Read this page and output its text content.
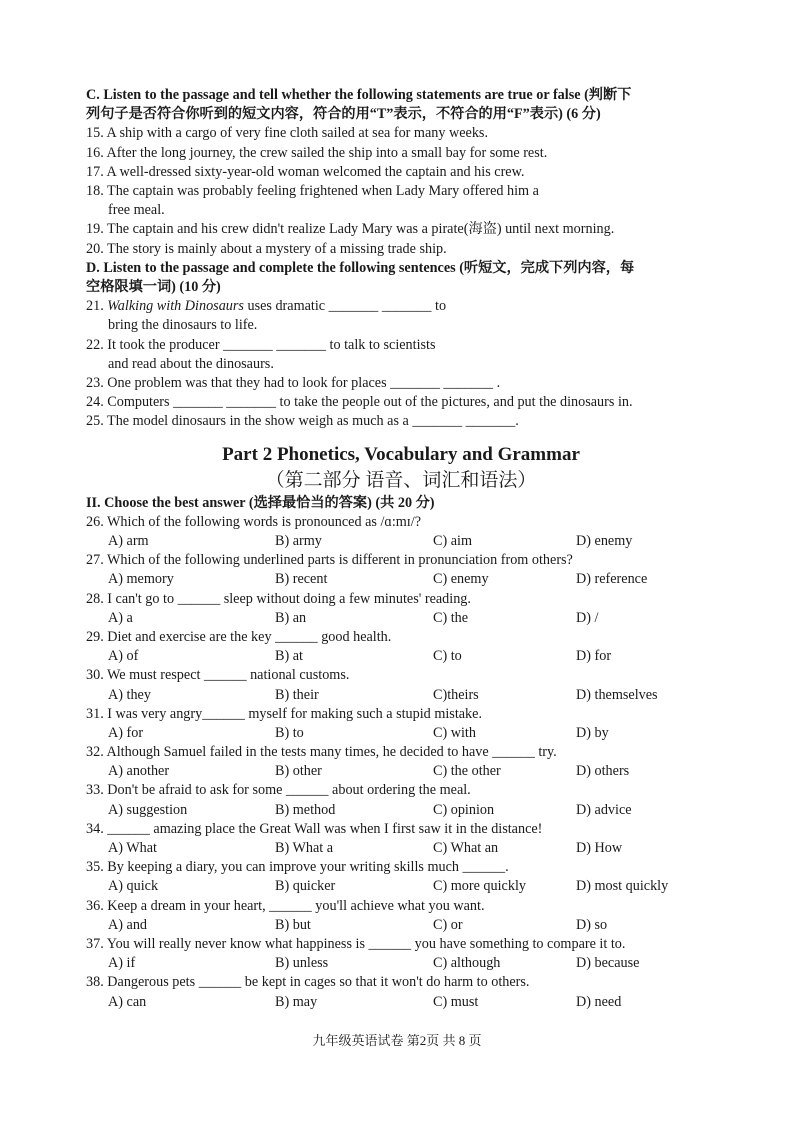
C. Listen to the passage and tell whether the following statements are true or false (判断下
列句子是否符合你听到的短文内容，符合的用“T”表示，不符合的用“F”表示) (6 分)
15. A ship with a cargo of very fine cloth sailed at sea for many weeks.
16. After the long journey, the crew sailed the ship into a small bay for some rest.
17. A well-dressed sixty-year-old woman welcomed the captain and his crew.
18. The captain was probably feeling frightened when Lady Mary offered him a
free meal.
19. The captain and his crew didn't realize Lady Mary was a pirate(海盗) until next morning.
20. The story is mainly about a mystery of a missing trade ship.
D. Listen to the passage and complete the following sentences (听短文，完成下列内容，每
空格限填一词) (10 分)
21. Walking with Dinosaurs uses dramatic _______ _______ to
bring the dinosaurs to life.
22. It took the producer _______ _______ to talk to scientists
and read about the dinosaurs.
23. One problem was that they had to look for places _______ _______ .
24. Computers _______ _______ to take the people out of the pictures, and put the dinosaurs in.
25. The model dinosaurs in the show weigh as much as a _______ _______.
Part 2 Phonetics, Vocabulary and Grammar
（第二部分 语音、词汇和语法）
II. Choose the best answer (选择最恰当的答案) (共 20 分)
26. Which of the following words is pronounced as /ɑ:mɪ/?
A) arm	B) army	C) aim	D) enemy
27. Which of the following underlined parts is different in pronunciation from others?
A) memory	B) recent	C) enemy	D) reference
28. I can't go to ______ sleep without doing a few minutes' reading.
A) a	B) an	C) the	D) /
29. Diet and exercise are the key ______ good health.
A) of	B) at	C) to	D) for
30. We must respect ______ national customs.
A) they	B) their	C)theirs	D) themselves
31. I was very angry______ myself for making such a stupid mistake.
A) for	B) to	C) with	D) by
32. Although Samuel failed in the tests many times, he decided to have ______ try.
A) another	B) other	C) the other	D) others
33. Don't be afraid to ask for some ______ about ordering the meal.
A) suggestion	B) method	C) opinion	D) advice
34. ______ amazing place the Great Wall was when I first saw it in the distance!
A) What	B) What a	C) What an	D) How
35. By keeping a diary, you can improve your writing skills much ______.
A) quick	B) quicker	C) more quickly	D) most quickly
36. Keep a dream in your heart, ______ you'll achieve what you want.
A) and	B) but	C) or	D) so
37. You will really never know what happiness is ______ you have something to compare it to.
A) if	B) unless	C) although	D) because
38. Dangerous pets ______ be kept in cages so that it won't do harm to others.
A) can	B) may	C) must	D) need
九年级英语试卷 第2页 共 8 页
